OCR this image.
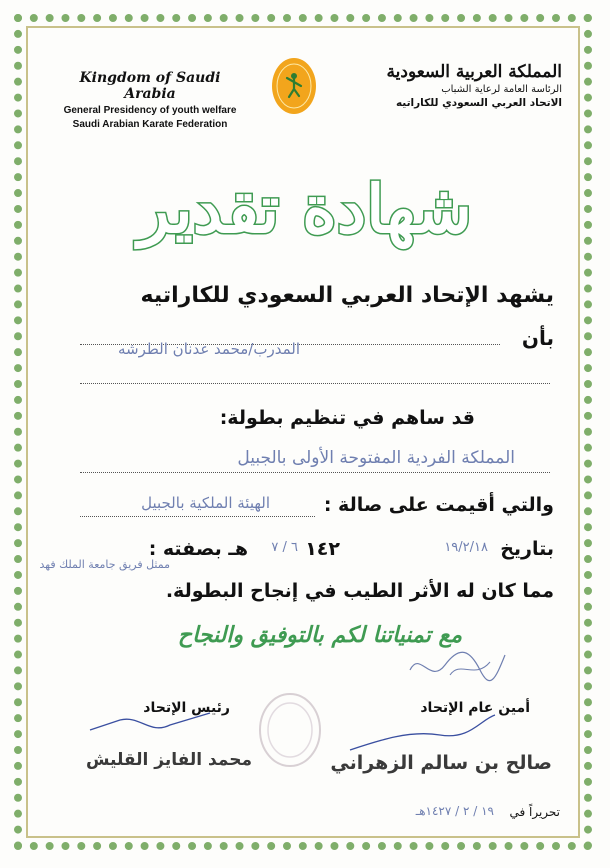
Kingdom of Saudi Arabia
General Presidency of youth welfare
Saudi Arabian Karate Federation
المملكة العربية السعودية
الرئاسة العامة لرعاية الشباب
الاتحاد العربي السعودي للكاراتيه
شهادة تقدير
يشهد الإتحاد العربي السعودي للكاراتيه
بأن
المدرب/محمد عدنان الطرشه
قد ساهم في تنظيم بطولة:
المملكة الفردية المفتوحة الأولى بالجبيل
والتي أقيمت على صالة :
الهيئة الملكية بالجبيل
بتاريخ
١٩/٢/١٨
١٤٢
٦ / ٧
هـ بصفته :
ممثل فريق جامعة الملك فهد
مما كان له الأثر الطيب في إنجاح البطولة.
مع تمنياتنا لكم بالتوفيق والنجاح
رئيس الإتحاد	أمين عام الإتحاد
محمد الفايز القليش	صالح بن سالم الزهراني
تحريراً في
١٩ / ٢ / ١٤٢٧هـ
